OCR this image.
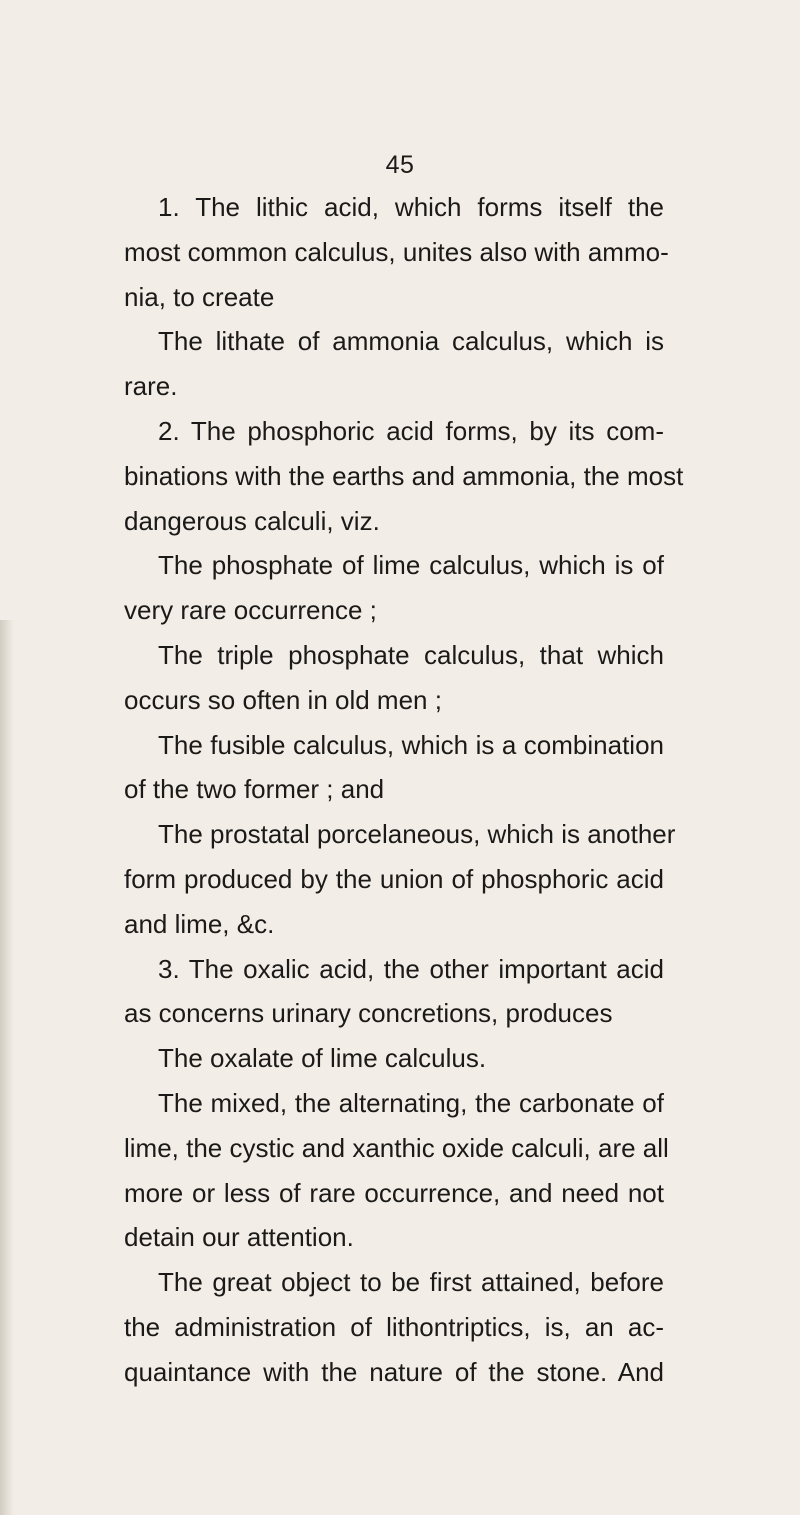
45
1. The lithic acid, which forms itself the
most common calculus, unites also with ammo-
nia, to create
The lithate of ammonia calculus, which is
rare.
2. The phosphoric acid forms, by its com-
binations with the earths and ammonia, the most
dangerous calculi, viz.
The phosphate of lime calculus, which is of
very rare occurrence ;
The triple phosphate calculus, that which
occurs so often in old men ;
The fusible calculus, which is a combination
of the two former ; and
The prostatal porcelaneous, which is another
form produced by the union of phosphoric acid
and lime, &c.
3. The oxalic acid, the other important acid
as concerns urinary concretions, produces
The oxalate of lime calculus.
The mixed, the alternating, the carbonate of
lime, the cystic and xanthic oxide calculi, are all
more or less of rare occurrence, and need not
detain our attention.
The great object to be first attained, before
the administration of lithontriptics, is, an ac-
quaintance with the nature of the stone. And
